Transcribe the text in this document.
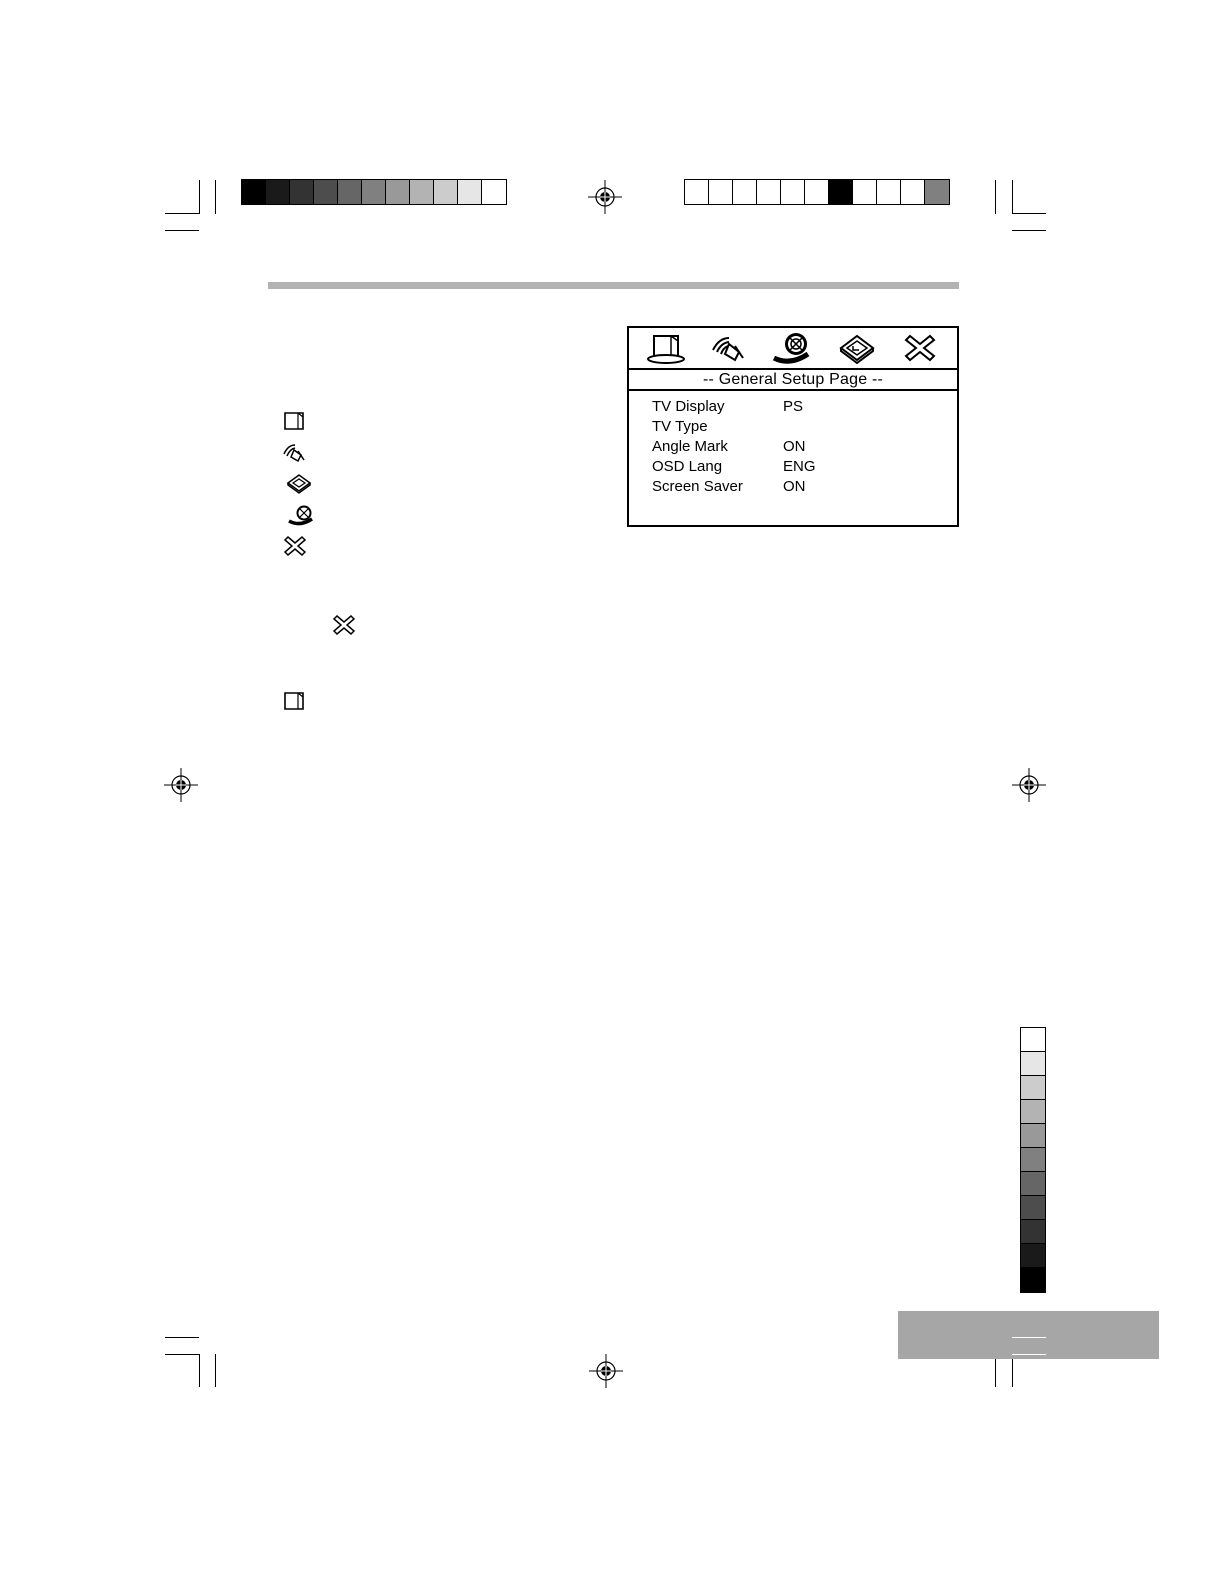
-- General Setup Page --
TV Display	PS
TV Type
Angle Mark	ON
OSD Lang	ENG
Screen Saver	ON
